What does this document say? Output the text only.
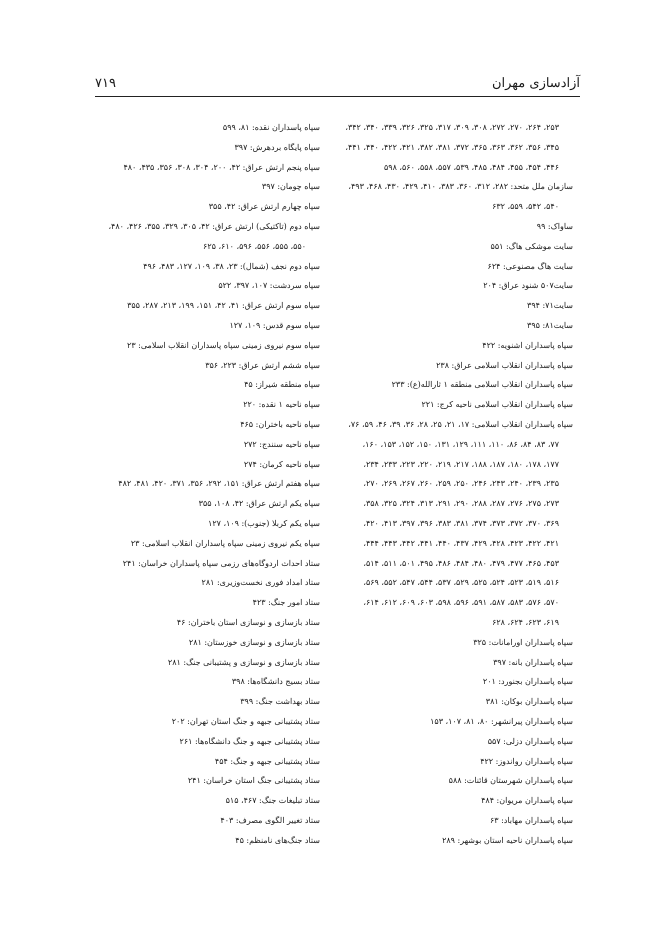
۷۱۹	آزادسازی مهران
۲۵۳، ۲۶۴، ۲۷۰، ۲۷۲، ۳۰۸، ۳۰۹، ۳۱۷، ۳۲۵، ۳۲۶، ۳۳۹، ۳۴۰، ۳۴۲،
۳۴۵، ۳۵۶، ۳۶۲، ۳۶۳، ۳۶۵، ۳۷۲، ۳۸۱، ۳۸۲، ۴۲۱، ۴۲۲، ۴۴۰، ۴۴۱،
۴۴۶، ۴۵۴، ۴۵۵، ۴۸۴، ۴۸۵، ۵۳۹، ۵۵۷، ۵۵۸، ۵۶۰، ۵۹۸
سازمان ملل متحد: ۲۸۲، ۳۱۲، ۳۶۰، ۳۸۳، ۴۱۰، ۴۲۹، ۴۳۰، ۴۶۸، ۴۹۳،
۵۴۰، ۵۴۲، ۵۵۹، ۶۳۲
ساواک: ۹۹
سایت موشکی هاگ: ۵۵۱
سایت هاگ مصنوعی: ۶۲۴
سایت۵۰۷ شنود عراق: ۲۰۴
سایت۷۱: ۳۹۴
سایت۸۱: ۳۹۵
سپاه پاسداران اشنویه: ۴۲۲
سپاه پاسداران انقلاب اسلامی عراق: ۲۳۸
سپاه پاسداران انقلاب اسلامی منطقه ۱ ثارالله(ع): ۲۳۳
سپاه پاسداران انقلاب اسلامی ناحیه کرج: ۲۲۱
سپاه پاسداران انقلاب اسلامی: ۱۷، ۲۱، ۲۵، ۲۸، ۳۶، ۳۹، ۴۶، ۵۹، ۷۶،
۷۷، ۸۳، ۸۴، ۸۶، ۱۱۰، ۱۱۱، ۱۲۹، ۱۳۱، ۱۵۰، ۱۵۲، ۱۵۳، ۱۶۰،
۱۷۷، ۱۷۸، ۱۸۰، ۱۸۷، ۱۸۸، ۲۱۷، ۲۱۹، ۲۲۰، ۲۲۳، ۲۳۳، ۲۳۴،
۲۳۵، ۲۳۹، ۲۴۰، ۲۴۳، ۲۴۶، ۲۵۰، ۲۵۹، ۲۶۰، ۲۶۷، ۲۶۹، ۲۷۰،
۲۷۳، ۲۷۵، ۲۷۶، ۲۸۷، ۲۸۸، ۲۹۰، ۲۹۱، ۳۱۳، ۳۲۴، ۳۲۵، ۳۵۸،
۳۶۹، ۳۷۰، ۳۷۲، ۳۷۳، ۳۷۴، ۳۸۱، ۳۸۳، ۳۹۶، ۳۹۷، ۴۱۳، ۴۲۰،
۴۲۱، ۴۲۲، ۴۲۳، ۴۲۸، ۴۲۹، ۴۳۷، ۴۴۰، ۴۴۱، ۴۴۲، ۴۴۳، ۴۴۴،
۴۵۳، ۴۶۵، ۴۷۷، ۴۷۹، ۴۸۰، ۴۸۴، ۴۸۶، ۴۹۵، ۵۰۱، ۵۱۱، ۵۱۴،
۵۱۶، ۵۱۹، ۵۲۳، ۵۲۴، ۵۲۵، ۵۲۹، ۵۳۷، ۵۴۴، ۵۴۷، ۵۵۲، ۵۶۹،
۵۷۰، ۵۷۶، ۵۸۳، ۵۸۷، ۵۹۱، ۵۹۶، ۵۹۸، ۶۰۳، ۶۰۹، ۶۱۲، ۶۱۴،
۶۱۹، ۶۲۳، ۶۲۴، ۶۲۸
سپاه پاسداران اورامانات: ۳۲۵
سپاه پاسداران بانه: ۳۹۷
سپاه پاسداران بجنورد: ۲۰۱
سپاه پاسداران بوکان: ۳۸۱
سپاه پاسداران پیرانشهر: ۸۰، ۸۱، ۱۰۷، ۱۵۳
سپاه پاسداران دزلی: ۵۵۷
سپاه پاسداران رواندوز: ۴۲۲
سپاه پاسداران شهرستان قائنات: ۵۸۸
سپاه پاسداران مریوان: ۴۸۴
سپاه پاسداران مهاباد: ۶۳
سپاه پاسداران ناحیه استان بوشهر: ۲۸۹
سپاه پاسداران نقده: ۸۱، ۵۹۹
سپاه پایگاه بردهرش: ۳۹۷
سپاه پنجم ارتش عراق: ۴۲، ۲۰۰، ۳۰۴، ۳۰۸، ۳۵۶، ۴۳۵، ۴۸۰
سپاه چومان: ۳۹۷
سپاه چهارم ارتش عراق: ۴۲، ۳۵۵
سپاه دوم (تاکتیکی) ارتش عراق: ۴۲، ۳۰۵، ۳۲۹، ۳۵۵، ۴۲۶، ۴۸۰،
۵۵۰، ۵۵۵، ۵۵۶، ۵۹۶، ۶۱۰، ۶۲۵
سپاه دوم نجف (شمال): ۲۳، ۳۸، ۱۰۹، ۱۲۷، ۴۸۳، ۴۹۶
سپاه سردشت: ۱۰۷، ۳۹۷، ۵۲۲
سپاه سوم ارتش عراق: ۴۱، ۴۲، ۱۵۱، ۱۹۹، ۲۱۳، ۲۸۷، ۳۵۵
سپاه سوم قدس: ۱۰۹، ۱۲۷
سپاه سوم نیروی زمینی سپاه پاسداران انقلاب اسلامی: ۲۳
سپاه ششم ارتش عراق: ۲۲۳، ۳۵۶
سپاه منطقه شیراز: ۴۵
سپاه ناحیه ۱ نقده: ۲۲۰
سپاه ناحیه باختران: ۴۶۵
سپاه ناحیه سنندج: ۲۷۲
سپاه ناحیه کرمان: ۲۷۴
سپاه هفتم ارتش عراق: ۱۵۱، ۲۹۲، ۳۵۶، ۳۷۱، ۴۲۰، ۴۸۱، ۴۸۲
سپاه یکم ارتش عراق: ۴۲، ۱۰۸، ۳۵۵
سپاه یکم کربلا (جنوب): ۱۰۹، ۱۲۷
سپاه یکم نیروی زمینی سپاه پاسداران انقلاب اسلامی: ۲۳
ستاد احداث اردوگاه‌های رزمی سپاه پاسداران خراسان: ۲۴۱
ستاد امداد فوری نخست‌وزیری: ۲۸۱
ستاد امور جنگ: ۴۲۳
ستاد بازسازی و نوسازی استان باختران: ۴۶
ستاد بازسازی و نوسازی خوزستان: ۲۸۱
ستاد بازسازی و نوسازی و پشتیبانی جنگ: ۲۸۱
ستاد بسیج دانشگاه‌ها: ۳۹۸
ستاد بهداشت جنگ: ۳۹۹
ستاد پشتیبانی جبهه و جنگ استان تهران: ۲۰۲
ستاد پشتیبانی جبهه و جنگ دانشگاه‌ها: ۲۶۱
ستاد پشتیبانی جبهه و جنگ: ۴۵۴
ستاد پشتیبانی جنگ استان خراسان: ۲۴۱
ستاد تبلیغات جنگ: ۴۶۷، ۵۱۵
ستاد تغییر الگوی مصرف: ۴۰۳
ستاد جنگ‌های نامنظم: ۴۵
